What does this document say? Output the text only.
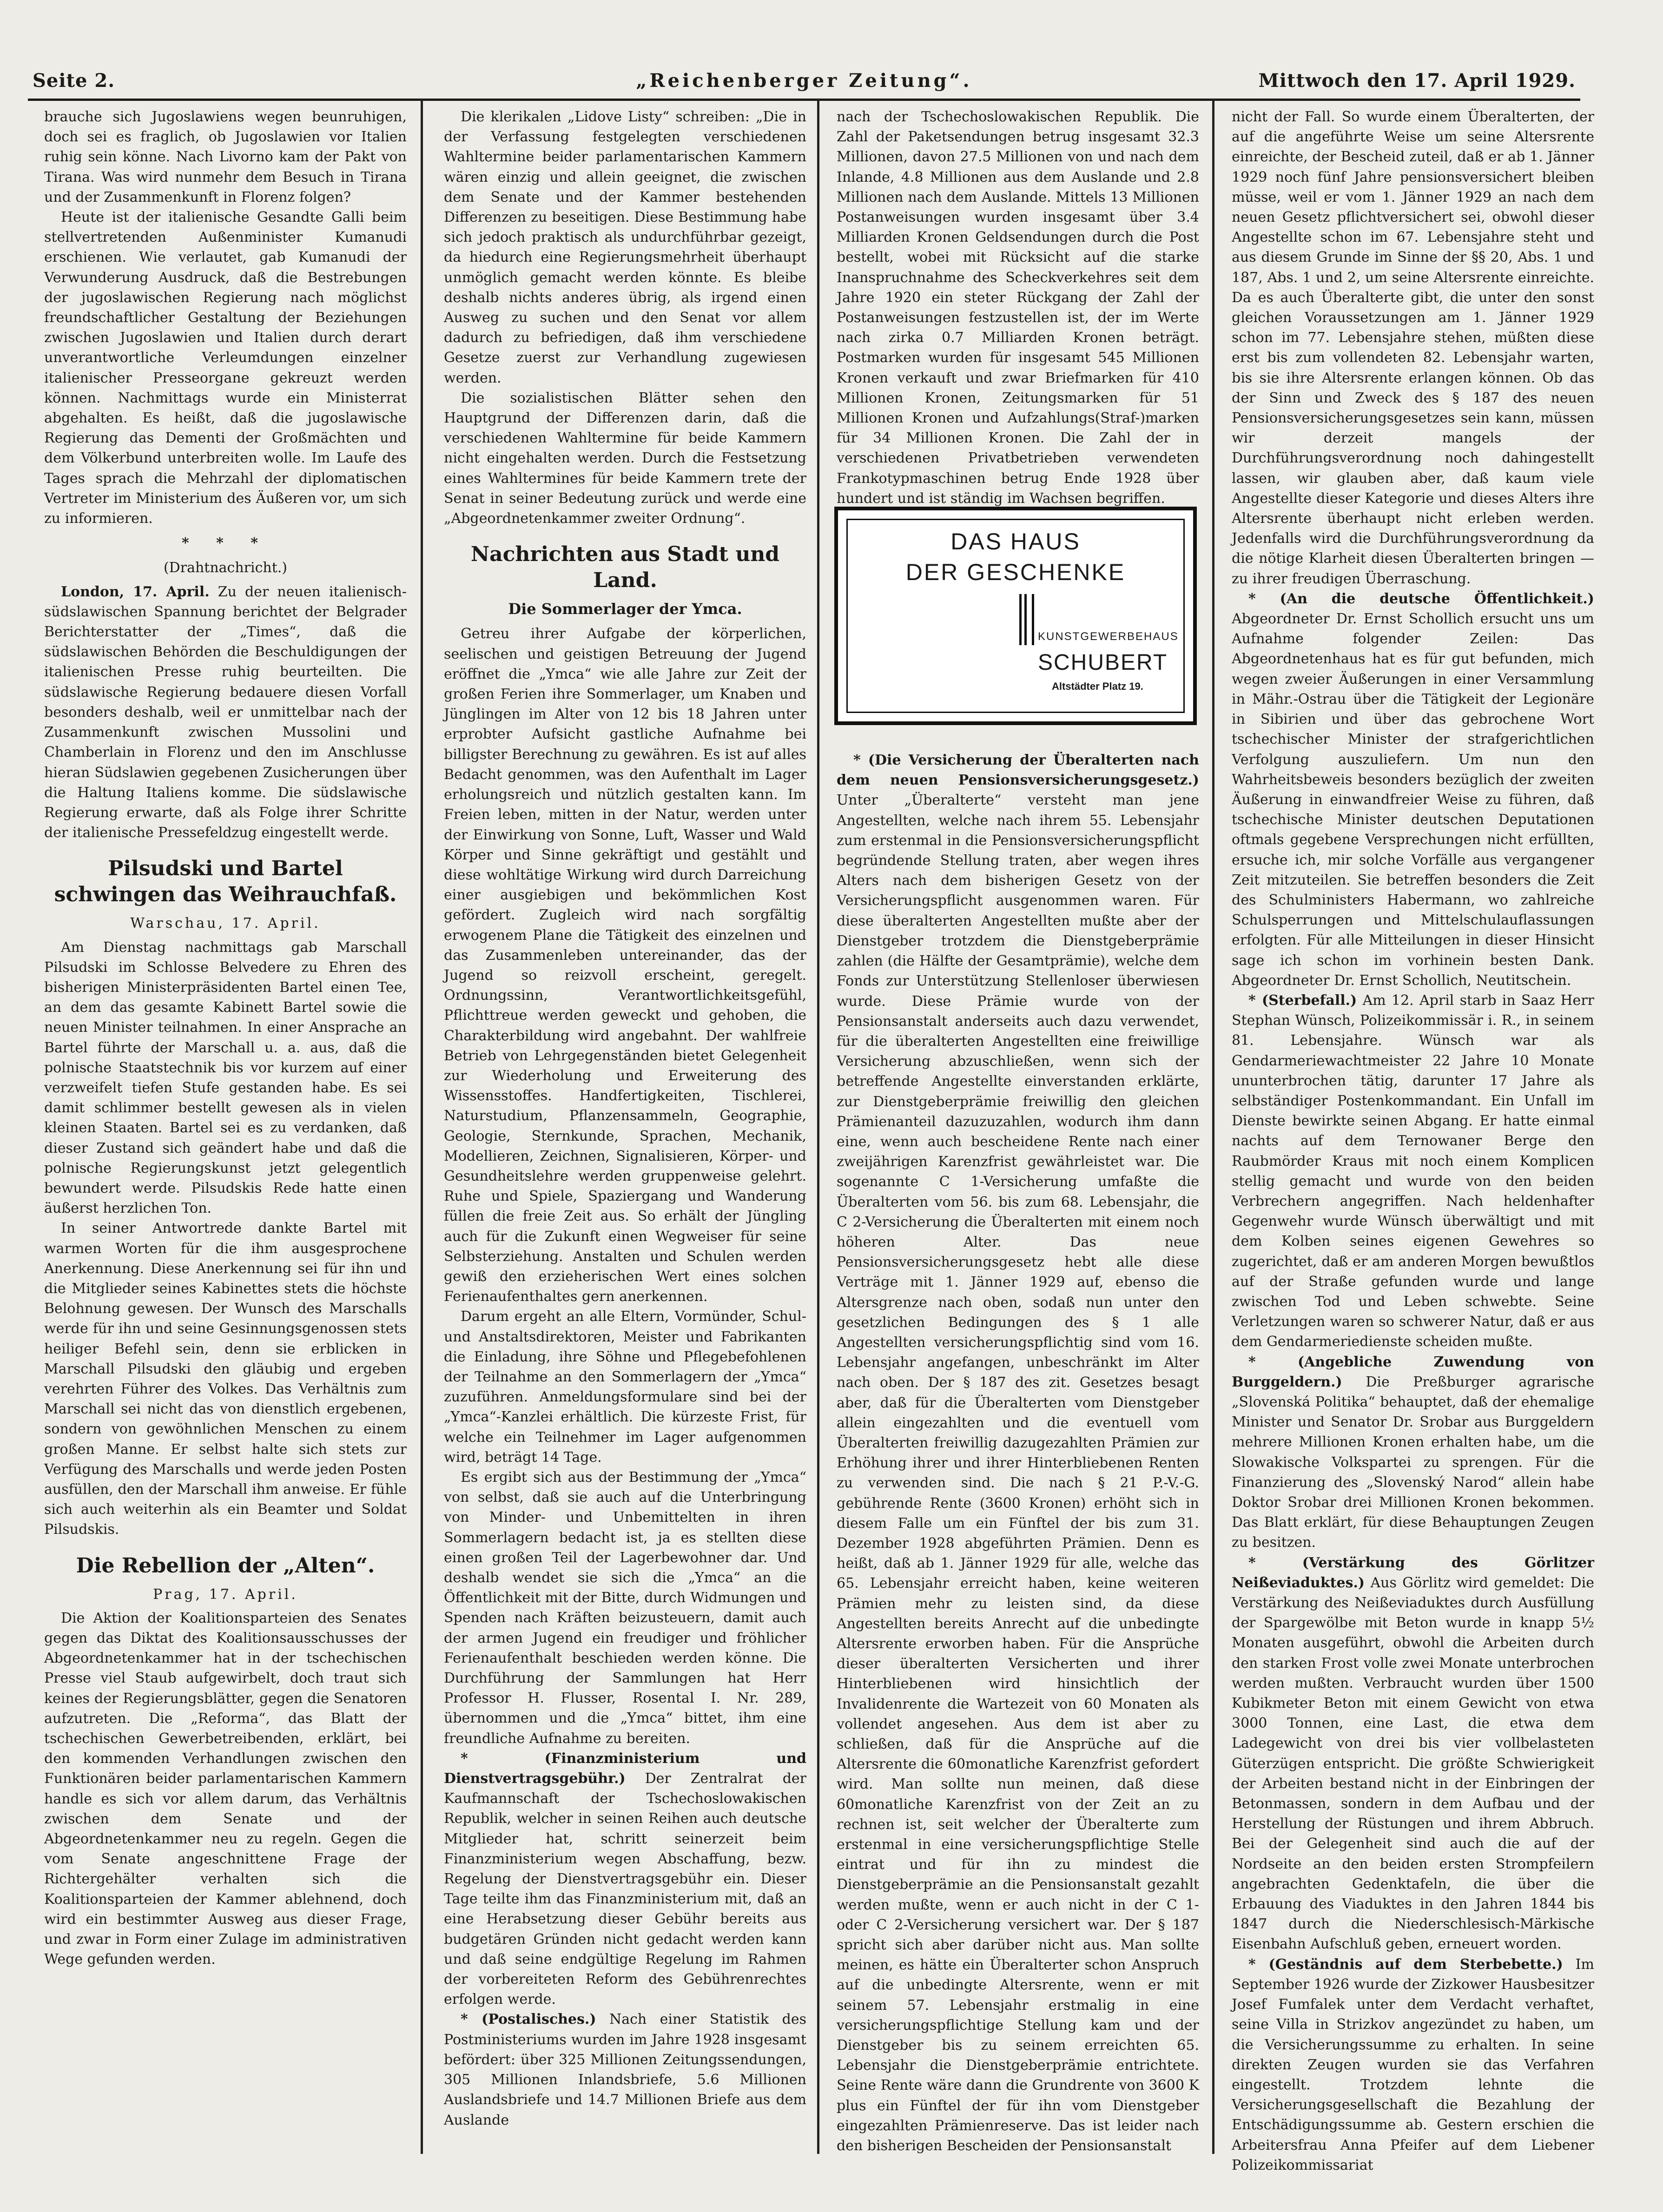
Seite 2.	„Reichenberger Zeitung“.	Mittwoch den 17. April 1929.

brauche sich Jugoslawiens wegen beunruhigen, doch sei es fraglich, ob Jugoslawien vor Italien ruhig sein könne. Nach Livorno kam der Pakt von Tirana. Was wird nunmehr dem Besuch in Tirana und der Zusammenkunft in Florenz folgen?

Heute ist der italienische Gesandte Galli beim stellvertretenden Außenminister Kumanudi erschienen. Wie verlautet, gab Kumanudi der Verwunderung Ausdruck, daß die Bestrebungen der jugoslawischen Regierung nach möglichst freundschaftlicher Gestaltung der Beziehungen zwischen Jugoslawien und Italien durch derart unverantwortliche Verleumdungen einzelner italienischer Presseorgane gekreuzt werden können. Nachmittags wurde ein Ministerrat abgehalten. Es heißt, daß die jugoslawische Regierung das Dementi der Großmächten und dem Völkerbund unterbreiten wolle. Im Laufe des Tages sprach die Mehrzahl der diplomatischen Vertreter im Ministerium des Äußeren vor, um sich zu informieren.

* * *
(Drahtnachricht.)

London, 17. April. Zu der neuen italienisch-südslawischen Spannung berichtet der Belgrader Berichterstatter der „Times“, daß die südslawischen Behörden die Beschuldigungen der italienischen Presse ruhig beurteilten. Die südslawische Regierung bedauere diesen Vorfall besonders deshalb, weil er unmittelbar nach der Zusammenkunft zwischen Mussolini und Chamberlain in Florenz und den im Anschlusse hieran Südslawien gegebenen Zusicherungen über die Haltung Italiens komme. Die südslawische Regierung erwarte, daß als Folge ihrer Schritte der italienische Pressefeldzug eingestellt werde.

Pilsudski und Bartel schwingen das Weihrauchfaß.
Warschau, 17. April.

Am Dienstag nachmittags gab Marschall Pilsudski im Schlosse Belvedere zu Ehren des bisherigen Ministerpräsidenten Bartel einen Tee, an dem das gesamte Kabinett Bartel sowie die neuen Minister teilnahmen. In einer Ansprache an Bartel führte der Marschall u. a. aus, daß die polnische Staatstechnik bis vor kurzem auf einer verzweifelt tiefen Stufe gestanden habe. Es sei damit schlimmer bestellt gewesen als in vielen kleinen Staaten. Bartel sei es zu verdanken, daß dieser Zustand sich geändert habe und daß die polnische Regierungskunst jetzt gelegentlich bewundert werde. Pilsudskis Rede hatte einen äußerst herzlichen Ton.

In seiner Antwortrede dankte Bartel mit warmen Worten für die ihm ausgesprochene Anerkennung. Diese Anerkennung sei für ihn und die Mitglieder seines Kabinettes stets die höchste Belohnung gewesen. Der Wunsch des Marschalls werde für ihn und seine Gesinnungsgenossen stets heiliger Befehl sein, denn sie erblicken in Marschall Pilsudski den gläubig und ergeben verehrten Führer des Volkes. Das Verhältnis zum Marschall sei nicht das von dienstlich ergebenen, sondern von gewöhnlichen Menschen zu einem großen Manne. Er selbst halte sich stets zur Verfügung des Marschalls und werde jeden Posten ausfüllen, den der Marschall ihm anweise. Er fühle sich auch weiterhin als ein Beamter und Soldat Pilsudskis.

Die Rebellion der „Alten“.
Prag, 17. April.

Die Aktion der Koalitionsparteien des Senates gegen das Diktat des Koalitionsausschusses der Abgeordnetenkammer hat in der tschechischen Presse viel Staub aufgewirbelt, doch traut sich keines der Regierungsblätter, gegen die Senatoren aufzutreten. Die „Reforma“, das Blatt der tschechischen Gewerbetreibenden, erklärt, bei den kommenden Verhandlungen zwischen den Funktionären beider parlamentarischen Kammern handle es sich vor allem darum, das Verhältnis zwischen dem Senate und der Abgeordnetenkammer neu zu regeln. Gegen die vom Senate angeschnittene Frage der Richtergehälter verhalten sich die Koalitionsparteien der Kammer ablehnend, doch wird ein bestimmter Ausweg aus dieser Frage, und zwar in Form einer Zulage im administrativen Wege gefunden werden.

Die klerikalen „Lidove Listy“ schreiben: „Die in der Verfassung festgelegten verschiedenen Wahltermine beider parlamentarischen Kammern wären einzig und allein geeignet, die zwischen dem Senate und der Kammer bestehenden Differenzen zu beseitigen. Diese Bestimmung habe sich jedoch praktisch als undurchführbar gezeigt, da hiedurch eine Regierungsmehrheit überhaupt unmöglich gemacht werden könnte. Es bleibe deshalb nichts anderes übrig, als irgend einen Ausweg zu suchen und den Senat vor allem dadurch zu befriedigen, daß ihm verschiedene Gesetze zuerst zur Verhandlung zugewiesen werden.

Die sozialistischen Blätter sehen den Hauptgrund der Differenzen darin, daß die verschiedenen Wahltermine für beide Kammern nicht eingehalten werden. Durch die Festsetzung eines Wahltermines für beide Kammern trete der Senat in seiner Bedeutung zurück und werde eine „Abgeordnetenkammer zweiter Ordnung“.

Nachrichten aus Stadt und Land.
Die Sommerlager der Ymca.

Getreu ihrer Aufgabe der körperlichen, seelischen und geistigen Betreuung der Jugend eröffnet die „Ymca“ wie alle Jahre zur Zeit der großen Ferien ihre Sommerlager, um Knaben und Jünglingen im Alter von 12 bis 18 Jahren unter erprobter Aufsicht gastliche Aufnahme bei billigster Berechnung zu gewähren. Es ist auf alles Bedacht genommen, was den Aufenthalt im Lager erholungsreich und nützlich gestalten kann. Im Freien leben, mitten in der Natur, werden unter der Einwirkung von Sonne, Luft, Wasser und Wald Körper und Sinne gekräftigt und gestählt und diese wohltätige Wirkung wird durch Darreichung einer ausgiebigen und bekömmlichen Kost gefördert. Zugleich wird nach sorgfältig erwogenem Plane die Tätigkeit des einzelnen und das Zusammenleben untereinander, das der Jugend so reizvoll erscheint, geregelt. Ordnungssinn, Verantwortlichkeitsgefühl, Pflichttreue werden geweckt und gehoben, die Charakterbildung wird angebahnt. Der wahlfreie Betrieb von Lehrgegenständen bietet Gelegenheit zur Wiederholung und Erweiterung des Wissensstoffes. Handfertigkeiten, Tischlerei, Naturstudium, Pflanzensammeln, Geographie, Geologie, Sternkunde, Sprachen, Mechanik, Modellieren, Zeichnen, Signalisieren, Körper- und Gesundheitslehre werden gruppenweise gelehrt. Ruhe und Spiele, Spaziergang und Wanderung füllen die freie Zeit aus. So erhält der Jüngling auch für die Zukunft einen Wegweiser für seine Selbsterziehung. Anstalten und Schulen werden gewiß den erzieherischen Wert eines solchen Ferienaufenthaltes gern anerkennen.

Darum ergeht an alle Eltern, Vormünder, Schul- und Anstaltsdirektoren, Meister und Fabrikanten die Einladung, ihre Söhne und Pflegebefohlenen der Teilnahme an den Sommerlagern der „Ymca“ zuzuführen. Anmeldungsformulare sind bei der „Ymca“-Kanzlei erhältlich. Die kürzeste Frist, für welche ein Teilnehmer im Lager aufgenommen wird, beträgt 14 Tage.

Es ergibt sich aus der Bestimmung der „Ymca“ von selbst, daß sie auch auf die Unterbringung von Minder- und Unbemittelten in ihren Sommerlagern bedacht ist, ja es stellten diese einen großen Teil der Lagerbewohner dar. Und deshalb wendet sie sich die „Ymca“ an die Öffentlichkeit mit der Bitte, durch Widmungen und Spenden nach Kräften beizusteuern, damit auch der armen Jugend ein freudiger und fröhlicher Ferienaufenthalt beschieden werden könne. Die Durchführung der Sammlungen hat Herr Professor H. Flusser, Rosental I. Nr. 289, übernommen und die „Ymca“ bittet, ihm eine freundliche Aufnahme zu bereiten.

* (Finanzministerium und Dienstvertragsgebühr.) Der Zentralrat der Kaufmannschaft der Tschechoslowakischen Republik, welcher in seinen Reihen auch deutsche Mitglieder hat, schritt seinerzeit beim Finanzministerium wegen Abschaffung, bezw. Regelung der Dienstvertragsgebühr ein. Dieser Tage teilte ihm das Finanzministerium mit, daß an eine Herabsetzung dieser Gebühr bereits aus budgetären Gründen nicht gedacht werden kann und daß seine endgültige Regelung im Rahmen der vorbereiteten Reform des Gebührenrechtes erfolgen werde.

* (Postalisches.) Nach einer Statistik des Postministeriums wurden im Jahre 1928 insgesamt befördert: über 325 Millionen Zeitungssendungen, 305 Millionen Inlandsbriefe, 5.6 Millionen Auslandsbriefe und 14.7 Millionen Briefe aus dem Auslande

nach der Tschechoslowakischen Republik. Die Zahl der Paketsendungen betrug insgesamt 32.3 Millionen, davon 27.5 Millionen von und nach dem Inlande, 4.8 Millionen aus dem Auslande und 2.8 Millionen nach dem Auslande. Mittels 13 Millionen Postanweisungen wurden insgesamt über 3.4 Milliarden Kronen Geldsendungen durch die Post bestellt, wobei mit Rücksicht auf die starke Inanspruchnahme des Scheckverkehres seit dem Jahre 1920 ein steter Rückgang der Zahl der Postanweisungen festzustellen ist, der im Werte nach zirka 0.7 Milliarden Kronen beträgt. Postmarken wurden für insgesamt 545 Millionen Kronen verkauft und zwar Briefmarken für 410 Millionen Kronen, Zeitungsmarken für 51 Millionen Kronen und Aufzahlungs(Straf-)marken für 34 Millionen Kronen. Die Zahl der in verschiedenen Privatbetrieben verwendeten Frankotypmaschinen betrug Ende 1928 über hundert und ist ständig im Wachsen begriffen.

* (Die Versicherung der Überalterten nach dem neuen Pensionsversicherungsgesetz.) Unter „Überalterte“ versteht man jene Angestellten, welche nach ihrem 55. Lebensjahr zum erstenmal in die Pensionsversicherungspflicht begründende Stellung traten, aber wegen ihres Alters nach dem bisherigen Gesetz von der Versicherungspflicht ausgenommen waren. Für diese überalterten Angestellten mußte aber der Dienstgeber trotzdem die Dienstgeberprämie zahlen (die Hälfte der Gesamtprämie), welche dem Fonds zur Unterstützung Stellenloser überwiesen wurde. Diese Prämie wurde von der Pensionsanstalt anderseits auch dazu verwendet, für die überalterten Angestellten eine freiwillige Versicherung abzuschließen, wenn sich der betreffende Angestellte einverstanden erklärte, zur Dienstgeberprämie freiwillig den gleichen Prämienanteil dazuzuzahlen, wodurch ihm dann eine, wenn auch bescheidene Rente nach einer zweijährigen Karenzfrist gewährleistet war. Die sogenannte C 1-Versicherung umfaßte die Überalterten vom 56. bis zum 68. Lebensjahr, die C 2-Versicherung die Überalterten mit einem noch höheren Alter. Das neue Pensionsversicherungsgesetz hebt alle diese Verträge mit 1. Jänner 1929 auf, ebenso die Altersgrenze nach oben, sodaß nun unter den gesetzlichen Bedingungen des § 1 alle Angestellten versicherungspflichtig sind vom 16. Lebensjahr angefangen, unbeschränkt im Alter nach oben. Der § 187 des zit. Gesetzes besagt aber, daß für die Überalterten vom Dienstgeber allein eingezahlten und die eventuell vom Überalterten freiwillig dazugezahlten Prämien zur Erhöhung ihrer und ihrer Hinterbliebenen Renten zu verwenden sind. Die nach § 21 P.-V.-G. gebührende Rente (3600 Kronen) erhöht sich in diesem Falle um ein Fünftel der bis zum 31. Dezember 1928 abgeführten Prämien. Denn es heißt, daß ab 1. Jänner 1929 für alle, welche das 65. Lebensjahr erreicht haben, keine weiteren Prämien mehr zu leisten sind, da diese Angestellten bereits Anrecht auf die unbedingte Altersrente erworben haben. Für die Ansprüche dieser überalterten Versicherten und ihrer Hinterbliebenen wird hinsichtlich der Invalidenrente die Wartezeit von 60 Monaten als vollendet angesehen. Aus dem ist aber zu schließen, daß für die Ansprüche auf die Altersrente die 60monatliche Karenzfrist gefordert wird. Man sollte nun meinen, daß diese 60monatliche Karenzfrist von der Zeit an zu rechnen ist, seit welcher der Überalterte zum erstenmal in eine versicherungspflichtige Stelle eintrat und für ihn zu mindest die Dienstgeberprämie an die Pensionsanstalt gezahlt werden mußte, wenn er auch nicht in der C 1- oder C 2-Versicherung versichert war. Der § 187 spricht sich aber darüber nicht aus. Man sollte meinen, es hätte ein Überalterter schon Anspruch auf die unbedingte Altersrente, wenn er mit seinem 57. Lebensjahr erstmalig in eine versicherungspflichtige Stellung kam und der Dienstgeber bis zu seinem erreichten 65. Lebensjahr die Dienstgeberprämie entrichtete. Seine Rente wäre dann die Grundrente von 3600 K plus ein Fünftel der für ihn vom Dienstgeber eingezahlten Prämienreserve. Das ist leider nach den bisherigen Bescheiden der Pensionsanstalt

DAS HAUS
DER GESCHENKE
KUNSTGEWERBEHAUS
SCHUBERT
Altstädter Platz 19.

nicht der Fall. So wurde einem Überalterten, der auf die angeführte Weise um seine Altersrente einreichte, der Bescheid zuteil, daß er ab 1. Jänner 1929 noch fünf Jahre pensionsversichert bleiben müsse, weil er vom 1. Jänner 1929 an nach dem neuen Gesetz pflichtversichert sei, obwohl dieser Angestellte schon im 67. Lebensjahre steht und aus diesem Grunde im Sinne der §§ 20, Abs. 1 und 187, Abs. 1 und 2, um seine Altersrente einreichte. Da es auch Überalterte gibt, die unter den sonst gleichen Voraussetzungen am 1. Jänner 1929 schon im 77. Lebensjahre stehen, müßten diese erst bis zum vollendeten 82. Lebensjahr warten, bis sie ihre Altersrente erlangen können. Ob das der Sinn und Zweck des § 187 des neuen Pensionsversicherungsgesetzes sein kann, müssen wir derzeit mangels der Durchführungsverordnung noch dahingestellt lassen, wir glauben aber, daß kaum viele Angestellte dieser Kategorie und dieses Alters ihre Altersrente überhaupt nicht erleben werden. Jedenfalls wird die Durchführungsverordnung da die nötige Klarheit diesen Überalterten bringen — zu ihrer freudigen Überraschung.

* (An die deutsche Öffentlichkeit.) Abgeordneter Dr. Ernst Schollich ersucht uns um Aufnahme folgender Zeilen: Das Abgeordnetenhaus hat es für gut befunden, mich wegen zweier Äußerungen in einer Versammlung in Mähr.-Ostrau über die Tätigkeit der Legionäre in Sibirien und über das gebrochene Wort tschechischer Minister der strafgerichtlichen Verfolgung auszuliefern. Um nun den Wahrheitsbeweis besonders bezüglich der zweiten Äußerung in einwandfreier Weise zu führen, daß tschechische Minister deutschen Deputationen oftmals gegebene Versprechungen nicht erfüllten, ersuche ich, mir solche Vorfälle aus vergangener Zeit mitzuteilen. Sie betreffen besonders die Zeit des Schulministers Habermann, wo zahlreiche Schulsperrungen und Mittelschulauflassungen erfolgten. Für alle Mitteilungen in dieser Hinsicht sage ich schon im vorhinein besten Dank. Abgeordneter Dr. Ernst Schollich, Neutitschein.

* (Sterbefall.) Am 12. April starb in Saaz Herr Stephan Wünsch, Polizeikommissär i. R., in seinem 81. Lebensjahre. Wünsch war als Gendarmeriewachtmeister 22 Jahre 10 Monate ununterbrochen tätig, darunter 17 Jahre als selbständiger Postenkommandant. Ein Unfall im Dienste bewirkte seinen Abgang. Er hatte einmal nachts auf dem Ternowaner Berge den Raubmörder Kraus mit noch einem Komplicen stellig gemacht und wurde von den beiden Verbrechern angegriffen. Nach heldenhafter Gegenwehr wurde Wünsch überwältigt und mit dem Kolben seines eigenen Gewehres so zugerichtet, daß er am anderen Morgen bewußtlos auf der Straße gefunden wurde und lange zwischen Tod und Leben schwebte. Seine Verletzungen waren so schwerer Natur, daß er aus dem Gendarmeriedienste scheiden mußte.

* (Angebliche Zuwendung von Burggeldern.) Die Preßburger agrarische „Slovenská Politika“ behauptet, daß der ehemalige Minister und Senator Dr. Srobar aus Burggeldern mehrere Millionen Kronen erhalten habe, um die Slowakische Volkspartei zu sprengen. Für die Finanzierung des „Slovenský Narod“ allein habe Doktor Srobar drei Millionen Kronen bekommen. Das Blatt erklärt, für diese Behauptungen Zeugen zu besitzen.

* (Verstärkung des Görlitzer Neißeviaduktes.) Aus Görlitz wird gemeldet: Die Verstärkung des Neißeviaduktes durch Ausfüllung der Spargewölbe mit Beton wurde in knapp 5½ Monaten ausgeführt, obwohl die Arbeiten durch den starken Frost volle zwei Monate unterbrochen werden mußten. Verbraucht wurden über 1500 Kubikmeter Beton mit einem Gewicht von etwa 3000 Tonnen, eine Last, die etwa dem Ladegewicht von drei bis vier vollbelasteten Güterzügen entspricht. Die größte Schwierigkeit der Arbeiten bestand nicht in der Einbringen der Betonmassen, sondern in dem Aufbau und der Herstellung der Rüstungen und ihrem Abbruch. Bei der Gelegenheit sind auch die auf der Nordseite an den beiden ersten Strompfeilern angebrachten Gedenktafeln, die über die Erbauung des Viaduktes in den Jahren 1844 bis 1847 durch die Niederschlesisch-Märkische Eisenbahn Aufschluß geben, erneuert worden.

* (Geständnis auf dem Sterbebette.) Im September 1926 wurde der Zizkower Hausbesitzer Josef Fumfalek unter dem Verdacht verhaftet, seine Villa in Strizkov angezündet zu haben, um die Versicherungssumme zu erhalten. In seine direkten Zeugen wurden sie das Verfahren eingestellt. Trotzdem lehnte die Versicherungsgesellschaft die Bezahlung der Entschädigungssumme ab. Gestern erschien die Arbeitersfrau Anna Pfeifer auf dem Liebener Polizeikommissariat
